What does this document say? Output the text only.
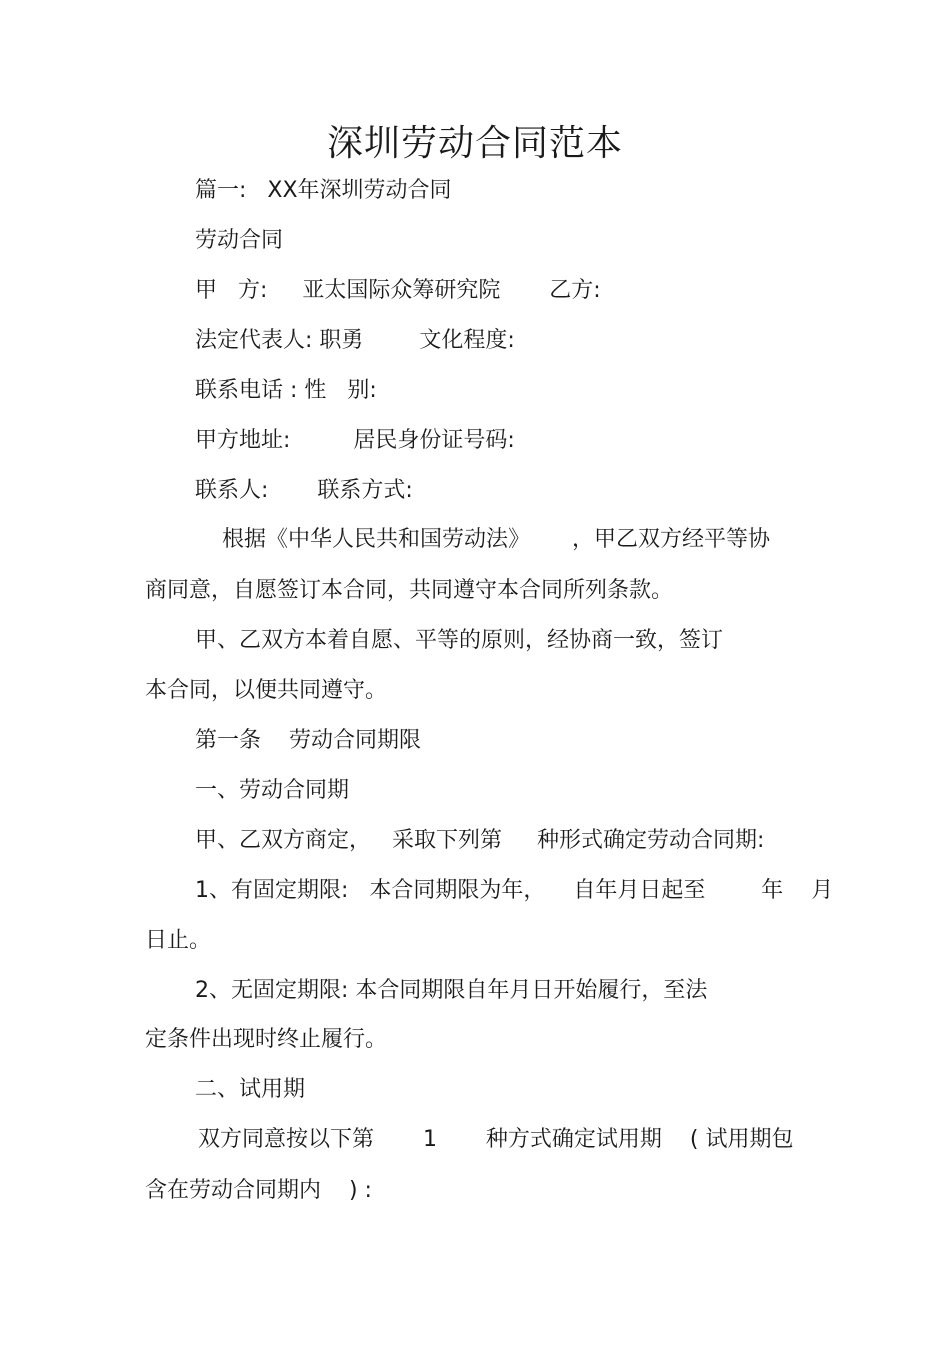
深圳劳动合同范本
篇一:   XX年深圳劳动合同
劳动合同
甲   方:     亚太国际众筹研究院       乙方:
法定代表人: 职勇        文化程度:
联系电话 : 性   别:
甲方地址:         居民身份证号码:
联系人:       联系方式:
根据《中华人民共和国劳动法》      ，甲乙双方经平等协
商同意，自愿签订本合同，共同遵守本合同所列条款。
甲、乙双方本着自愿、平等的原则，经协商一致，签订
本合同，以便共同遵守。
第一条    劳动合同期限
一、劳动合同期
甲、乙双方商定，   采取下列第     种形式确定劳动合同期:
1、有固定期限:   本合同期限为年，    自年月日起至        年    月
日止。
2、无固定期限: 本合同期限自年月日开始履行，至法
定条件出现时终止履行。
二、试用期
双方同意按以下第       1       种方式确定试用期    ( 试用期包
含在劳动合同期内    ) :
